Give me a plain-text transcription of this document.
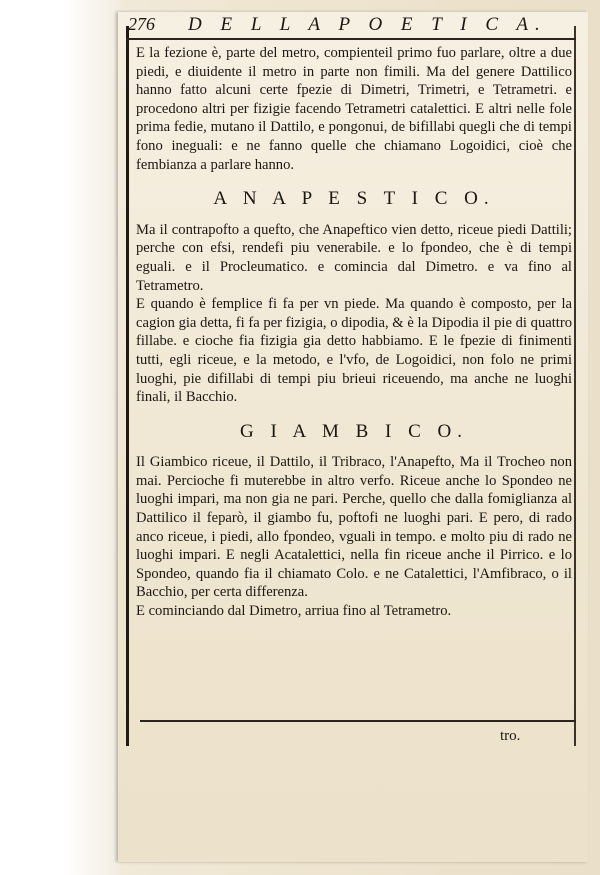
276	D E L L A P O E T I C A.

E la fezione è, parte del metro, compienteil primo fuo parlare, oltre a due piedi, e diuidente il metro in parte non fimili. Ma del genere Dattilico hanno fatto alcuni certe fpezie di Dimetri, Trimetri, e Tetrametri. e procedono altri per fizigie facendo Tetrametri catalettici. E altri nelle fole prima fedie, mutano il Dattilo, e pongonui, de bifillabi quegli che di tempi fono ineguali: e ne fanno quelle che chiamano Logoidici, cioè che fembianza a parlare hanno.

A N A P E S T I C O.

Ma il contrapofto a quefto, che Anapeftico vien detto, riceue piedi Dattili; perche con efsi, rendefi piu venerabile. e lo fpondeo, che è di tempi eguali. e il Procleumatico. e comincia dal Dimetro. e va fino al Tetrametro.

E quando è femplice fi fa per vn piede. Ma quando è composto, per la cagion gia detta, fi fa per fizigia, o dipodia, & è la Dipodia il pie di quattro fillabe. e cioche fia fizigia gia detto habbiamo. E le fpezie di finimenti tutti, egli riceue, e la metodo, e l'vfo, de Logoidici, non folo ne primi luoghi, pie difillabi di tempi piu brieui riceuendo, ma anche ne luoghi finali, il Bacchio.

G I A M B I C O.

Il Giambico riceue, il Dattilo, il Tribraco, l'Anapefto, Ma il Trocheo non mai. Percioche fi muterebbe in altro verfo. Riceue anche lo Spondeo ne luoghi impari, ma non gia ne pari. Perche, quello che dalla fomiglianza al Dattilico il feparò, il giambo fu, poftofi ne luoghi pari. E pero, di rado anco riceue, i piedi, allo fpondeo, vguali in tempo. e molto piu di rado ne luoghi impari. E negli Acatalettici, nella fin riceue anche il Pirrico. e lo Spondeo, quando fia il chiamato Colo. e ne Catalettici, l'Amfibraco, o il Bacchio, per certa differenza.

E cominciando dal Dimetro, arriua fino al Tetrametro.

tro.
